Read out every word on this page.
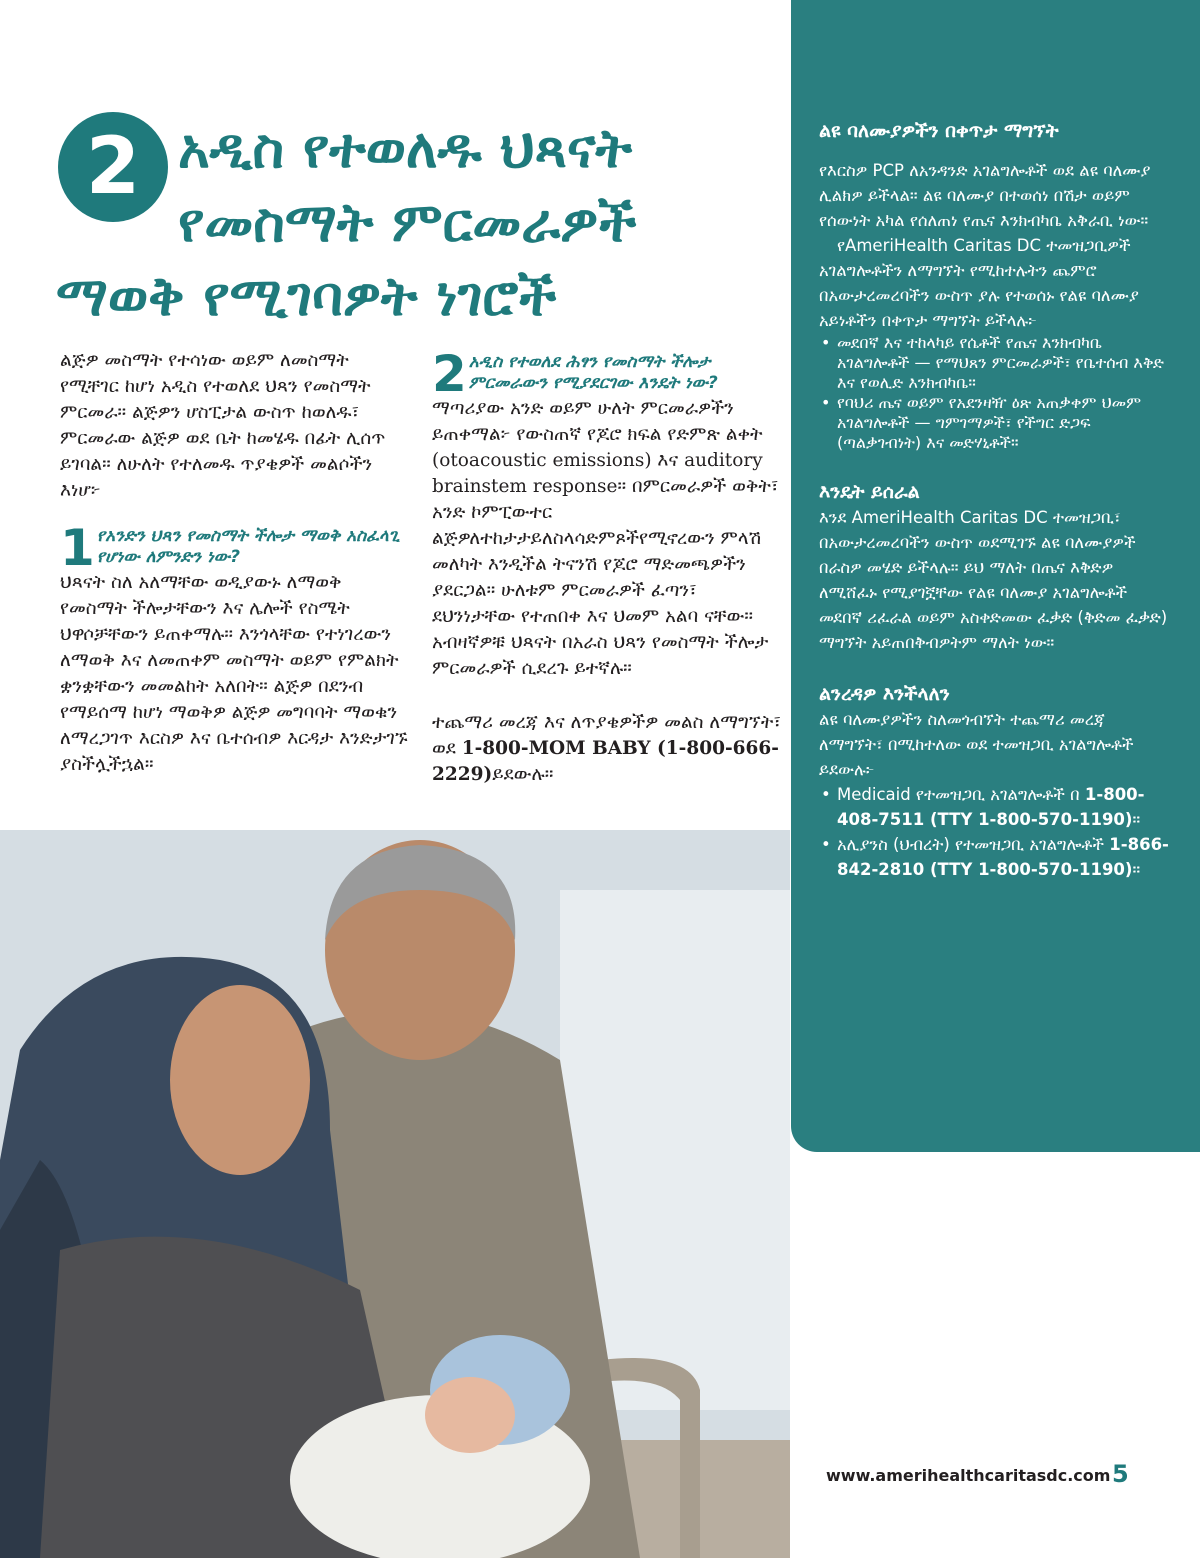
2 አዲስ የተወለዱ ህጻናት
የመስማት ምርመራዎች
ማወቅ የሚገባዎት ነገሮች

ልጅዎ መስማት የተሳነው ወይም ለመስማት የሚቸገር ከሆነ አዲስ የተወለደ ህጻን የመስማት ምርመራ። ልጅዎን ሆስፒታል ውስጥ ከወለዱ፣ ምርመራው ልጅዎ ወደ ቤት ከመሄዱ በፊት ሊሰጥ ይገባል። ለሁለት የተለመዱ ጥያቄዎች መልሶችን እነሆ፦

1 የአንድን ህጻን የመስማት ችሎታ ማወቅ አስፈላጊ የሆነው ለምንድን ነው?

ህጻናት ስለ አለማቸው ወዲያውኑ ለማወቅ የመስማት ችሎታቸውን እና ሌሎች የስሜት ህዋሶቻቸውን ይጠቀማሉ። እንጎላቸው የተነገረውን ለማወቅ እና ለመጠቀም መስማት ወይም የምልክት ቋንቋቸውን መመልከት አለበት። ልጅዎ በደንብ የማይሰማ ከሆነ ማወቅዎ ልጅዎ መግባባት ማወቁን ለማረጋገጥ እርስዎ እና ቤተሰብዎ እርዳታ እንድታገኙ ያስችሏችኋል።

2 አዲስ የተወለደ ሕፃን የመስማት ችሎታ ምርመራውን የሚያደርገው እንዴት ነው?

ማጣሪያው አንድ ወይም ሁለት ምርመራዎችን ይጠቀማል፦ የውስጠኛ የጆሮ ክፍል የድምጽ ልቀት (otoacoustic emissions) እና auditory brainstem response። በምርመራዎች ወቅት፣ አንድ ኮምፒውተር ልጅዎለተከታታይለስላሳድምጾችየሚኖረውን ምላሽ መለካት እንዲችል ትናንሽ የጆሮ ማድመጫዎችን ያደርጋል። ሁለቱም ምርመራዎች ፈጣን፣ ደህንነታቸው የተጠበቀ እና ህመም አልባ ናቸው። አብዛኛዎቹ ህጻናት በአራስ ህጻን የመስማት ችሎታ ምርመራዎች ሲደረጉ ይተኛሉ።

ተጨማሪ መረጃ እና ለጥያቄዎችዎ መልስ ለማግኘት፣ ወደ 1-800-MOM BABY (1-800-666-2229)ይደውሉ።

ልዩ ባለሙያዎችን በቀጥታ ማግኘት

የእርስዎ PCP ለአንዳንድ አገልግሎቶች ወደ ልዩ ባለሙያ ሊልክዎ ይችላል። ልዩ ባለሙያ በተወሰነ በሽታ ወይም የሰውነት አካል የሰለጠነ የጤና እንክብካቤ አቅራቢ ነው።

የAmeriHealth Caritas DC ተመዝጋቢዎች አገልግሎቶችን ለማግኘት የሚከተሉትን ጨምሮ በአውታረመረባችን ውስጥ ያሉ የተወሰኑ የልዩ ባለሙያ አይነቶችን በቀጥታ ማግኘት ይችላሉ፦

• መደበኛ እና ተከላካይ የሴቶች የጤና እንክብካቤ አገልግሎቶች — የማህጸን ምርመራዎች፣ የቤተሰብ እቅድ እና የወሊድ እንክብካቤ።
• የባህሪ ጤና ወይም የአደንዛዥ ዕጽ አጠቃቀም ህመም አገልግሎቶች — ግምገማዎች፣ የችግር ድጋፍ (ጣልቃገብነት) እና መድሃኒቶች።
እንዴት ይሰራል

እንደ AmeriHealth Caritas DC ተመዝጋቢ፣ በአውታረመረባችን ውስጥ ወደሚገኙ ልዩ ባለሙያዎች በራስዎ መሄድ ይችላሉ። ይህ ማለት በጤና እቅድዎ ለሚሸፈኑ የሚያገኟቸው የልዩ ባለሙያ አገልግሎቶች መደበኛ ሪፈራል ወይም አስቀድመው ፈቃድ (ቅድመ ፈቃድ) ማግኘት አይጠበቅብዎትም ማለት ነው።

ልንረዳዎ እንችላለን

ልዩ ባለሙያዎችን ስለመጎብኘት ተጨማሪ መረጃ ለማግኘት፣ በሚከተለው ወደ ተመዝጋቢ አገልግሎቶች ይደውሉ፦

• Medicaid የተመዝጋቢ አገልግሎቶች በ 1-800-408-7511 (TTY 1-800-570-1190)።
• አሊያንስ (ህብረት) የተመዝጋቢ አገልግሎቶች 1-866-842-2810 (TTY 1-800-570-1190)።
www.amerihealthcaritasdc.com 5
